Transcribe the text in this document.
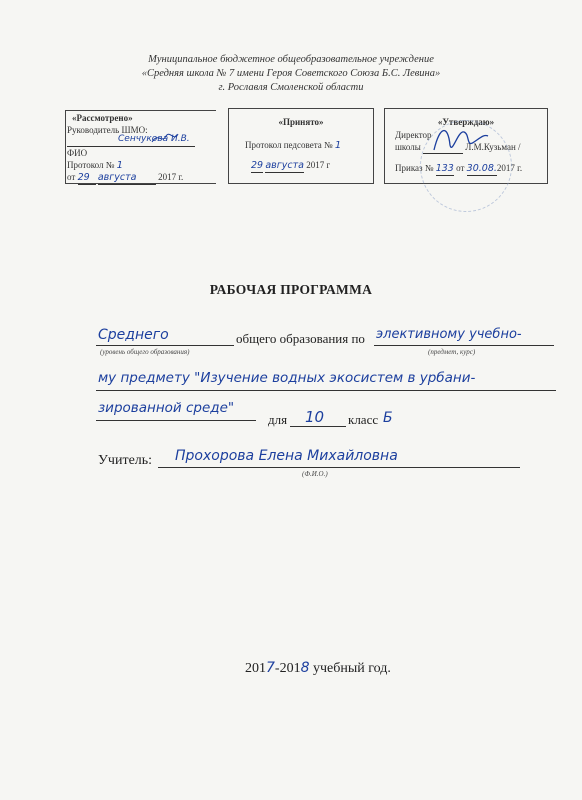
Муниципальное бюджетное общеобразовательное учреждение
«Средняя школа № 7 имени Героя Советского Союза Б.С. Левина»
г. Рославля Смоленской области
«Рассмотрено»
Руководитель ШМО:
Сенчукова И.В.
ФИО
Протокол № 1
от 29 августа 2017 г.
«Принято»
Протокол педсовета № 1
29 августа 2017 г
«Утверждаю»
Директор
школы	Л.М.Кузьман /
Приказ № 133 от 30.08.2017 г.
РАБОЧАЯ ПРОГРАММА
Среднего
(уровень общего образования)
общего образования по элективному учебно-
(предмет, курс)
му предмету "Изучение водных экосистем в урбани-
зированной среде"
для 10 класс Б
Учитель: Прохорова Елена Михайловна
(Ф.И.О.)
2017-2018 учебный год.
